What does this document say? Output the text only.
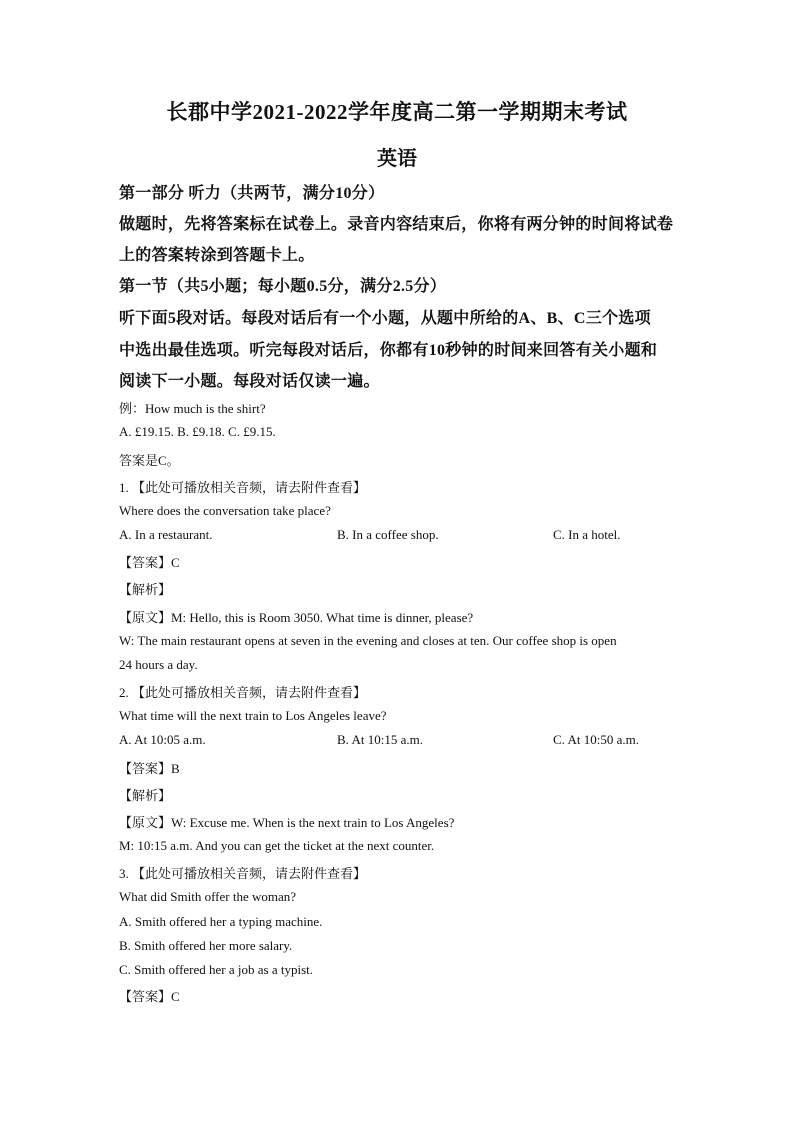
长郡中学2021-2022学年度高二第一学期期末考试
英语
第一部分 听力（共两节，满分10分）
做题时，先将答案标在试卷上。录音内容结束后，你将有两分钟的时间将试卷
上的答案转涂到答题卡上。
第一节（共5小题；每小题0.5分，满分2.5分）
听下面5段对话。每段对话后有一个小题，从题中所给的A、B、C三个选项
中选出最佳选项。听完每段对话后，你都有10秒钟的时间来回答有关小题和
阅读下一小题。每段对话仅读一遍。
例：How much is the shirt?
A. £19.15. B. £9.18. C. £9.15.
答案是C。
1. 【此处可播放相关音频，请去附件查看】
Where does the conversation take place?
A. In a restaurant.	B. In a coffee shop.	C. In a hotel.
【答案】C
【解析】
【原文】M: Hello, this is Room 3050. What time is dinner, please?
W: The main restaurant opens at seven in the evening and closes at ten. Our coffee shop is open
24 hours a day.
2. 【此处可播放相关音频，请去附件查看】
What time will the next train to Los Angeles leave?
A. At 10:05 a.m.	B. At 10:15 a.m.	C. At 10:50 a.m.
【答案】B
【解析】
【原文】W: Excuse me. When is the next train to Los Angeles?
M: 10:15 a.m. And you can get the ticket at the next counter.
3. 【此处可播放相关音频，请去附件查看】
What did Smith offer the woman?
A. Smith offered her a typing machine.
B. Smith offered her more salary.
C. Smith offered her a job as a typist.
【答案】C
